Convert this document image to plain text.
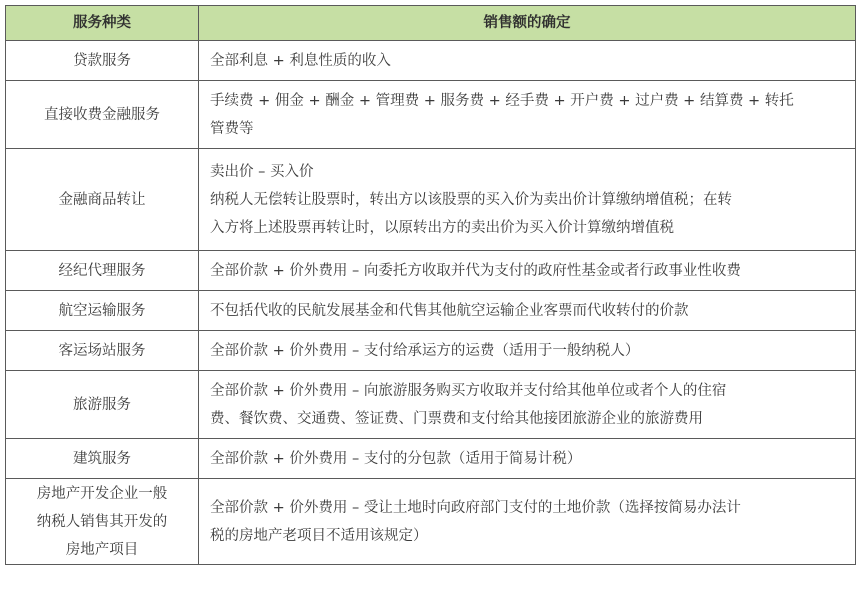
服务种类	销售额的确定

贷款服务	全部利息 + 利息性质的收入

直接收费金融服务	手续费 + 佣金 + 酬金 + 管理费 + 服务费 + 经手费 + 开户费 + 过户费 + 结算费 + 转托
管费等

金融商品转让	卖出价 – 买入价
纳税人无偿转让股票时，转出方以该股票的买入价为卖出价计算缴纳增值税；在转
入方将上述股票再转让时，以原转出方的卖出价为买入价计算缴纳增值税

经纪代理服务	全部价款 + 价外费用 – 向委托方收取并代为支付的政府性基金或者行政事业性收费

航空运输服务	不包括代收的民航发展基金和代售其他航空运输企业客票而代收转付的价款

客运场站服务	全部价款 + 价外费用 – 支付给承运方的运费（适用于一般纳税人）

旅游服务	全部价款 + 价外费用 – 向旅游服务购买方收取并支付给其他单位或者个人的住宿
费、餐饮费、交通费、签证费、门票费和支付给其他接团旅游企业的旅游费用

建筑服务	全部价款 + 价外费用 – 支付的分包款（适用于简易计税）

房地产开发企业一般
纳税人销售其开发的
房地产项目	全部价款 + 价外费用 – 受让土地时向政府部门支付的土地价款（选择按简易办法计
税的房地产老项目不适用该规定）
